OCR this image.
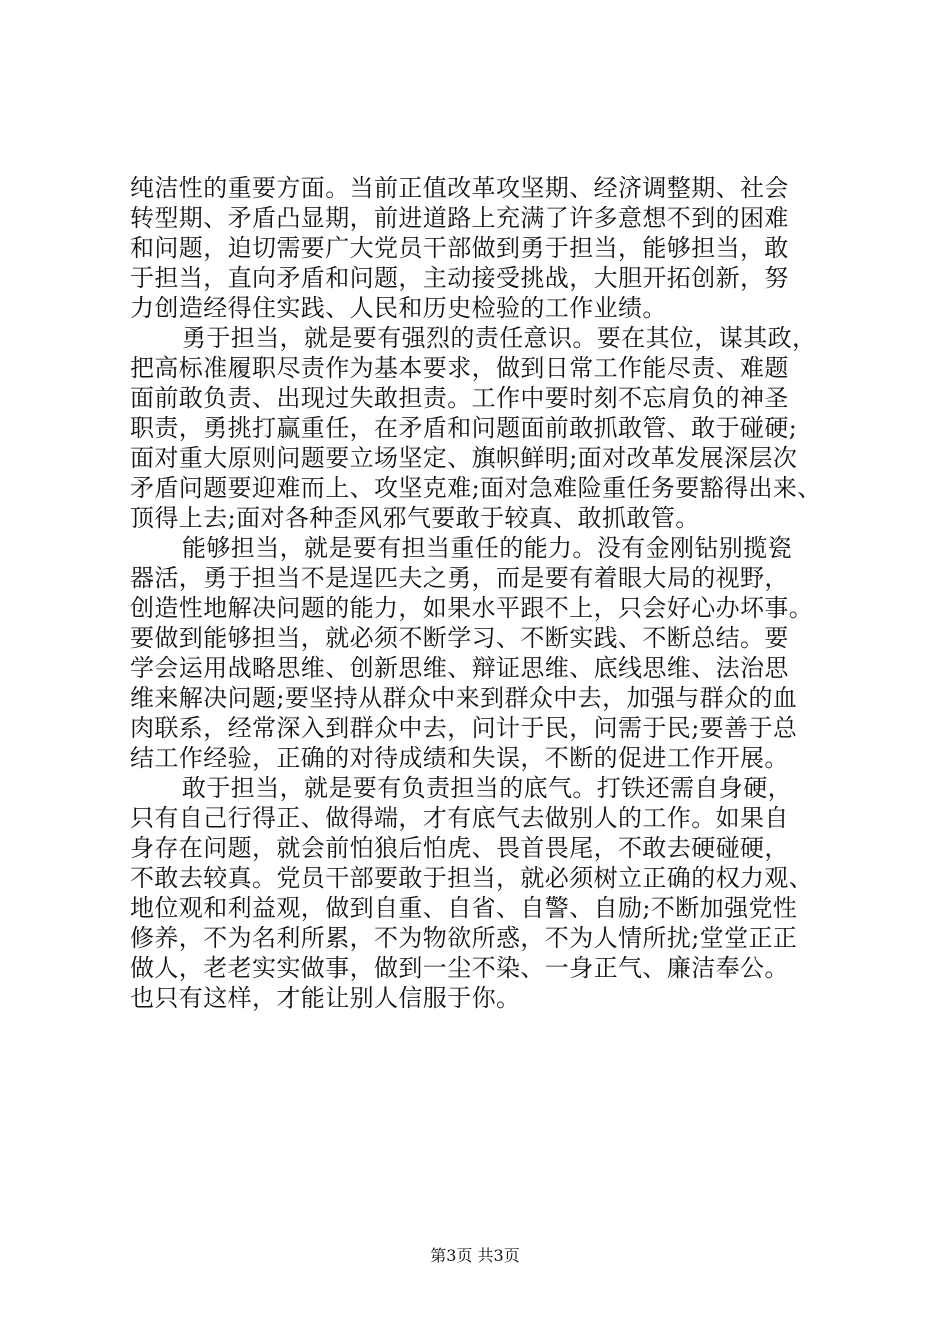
纯洁性的重要方面。当前正值改革攻坚期、经济调整期、社会
转型期、矛盾凸显期，前进道路上充满了许多意想不到的困难
和问题，迫切需要广大党员干部做到勇于担当，能够担当，敢
于担当，直向矛盾和问题，主动接受挑战，大胆开拓创新，努
力创造经得住实践、人民和历史检验的工作业绩。
勇于担当，就是要有强烈的责任意识。要在其位，谋其政，
把高标准履职尽责作为基本要求，做到日常工作能尽责、难题
面前敢负责、出现过失敢担责。工作中要时刻不忘肩负的神圣
职责，勇挑打赢重任，在矛盾和问题面前敢抓敢管、敢于碰硬;
面对重大原则问题要立场坚定、旗帜鲜明;面对改革发展深层次
矛盾问题要迎难而上、攻坚克难;面对急难险重任务要豁得出来、
顶得上去;面对各种歪风邪气要敢于较真、敢抓敢管。
能够担当，就是要有担当重任的能力。没有金刚钻别揽瓷
器活，勇于担当不是逞匹夫之勇，而是要有着眼大局的视野，
创造性地解决问题的能力，如果水平跟不上，只会好心办坏事。
要做到能够担当，就必须不断学习、不断实践、不断总结。要
学会运用战略思维、创新思维、辩证思维、底线思维、法治思
维来解决问题;要坚持从群众中来到群众中去，加强与群众的血
肉联系，经常深入到群众中去，问计于民，问需于民;要善于总
结工作经验，正确的对待成绩和失误，不断的促进工作开展。
敢于担当，就是要有负责担当的底气。打铁还需自身硬，
只有自己行得正、做得端，才有底气去做别人的工作。如果自
身存在问题，就会前怕狼后怕虎、畏首畏尾，不敢去硬碰硬，
不敢去较真。党员干部要敢于担当，就必须树立正确的权力观、
地位观和利益观，做到自重、自省、自警、自励;不断加强党性
修养，不为名利所累，不为物欲所惑，不为人情所扰;堂堂正正
做人，老老实实做事，做到一尘不染、一身正气、廉洁奉公。
也只有这样，才能让别人信服于你。
第3页 共3页
